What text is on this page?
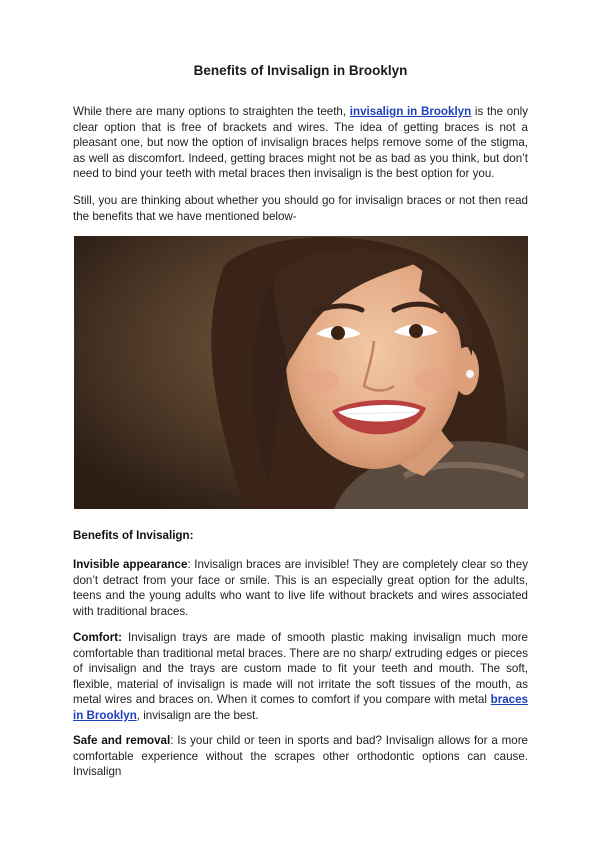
Benefits of Invisalign in Brooklyn

While there are many options to straighten the teeth, invisalign in Brooklyn is the only clear option that is free of brackets and wires. The idea of getting braces is not a pleasant one, but now the option of invisalign braces helps remove some of the stigma, as well as discomfort. Indeed, getting braces might not be as bad as you think, but don’t need to bind your teeth with metal braces then invisalign is the best option for you.

Still, you are thinking about whether you should go for invisalign braces or not then read the benefits that we have mentioned below-

Benefits of Invisalign:

Invisible appearance: Invisalign braces are invisible! They are completely clear so they don’t detract from your face or smile. This is an especially great option for the adults, teens and the young adults who want to live life without brackets and wires associated with traditional braces.

Comfort: Invisalign trays are made of smooth plastic making invisalign much more comfortable than traditional metal braces. There are no sharp/ extruding edges or pieces of invisalign and the trays are custom made to fit your teeth and mouth. The soft, flexible, material of invisalign is made will not irritate the soft tissues of the mouth, as metal wires and braces on. When it comes to comfort if you compare with metal braces in Brooklyn, invisalign are the best.

Safe and removal: Is your child or teen in sports and bad? Invisalign allows for a more comfortable experience without the scrapes other orthodontic options can cause. Invisalign
